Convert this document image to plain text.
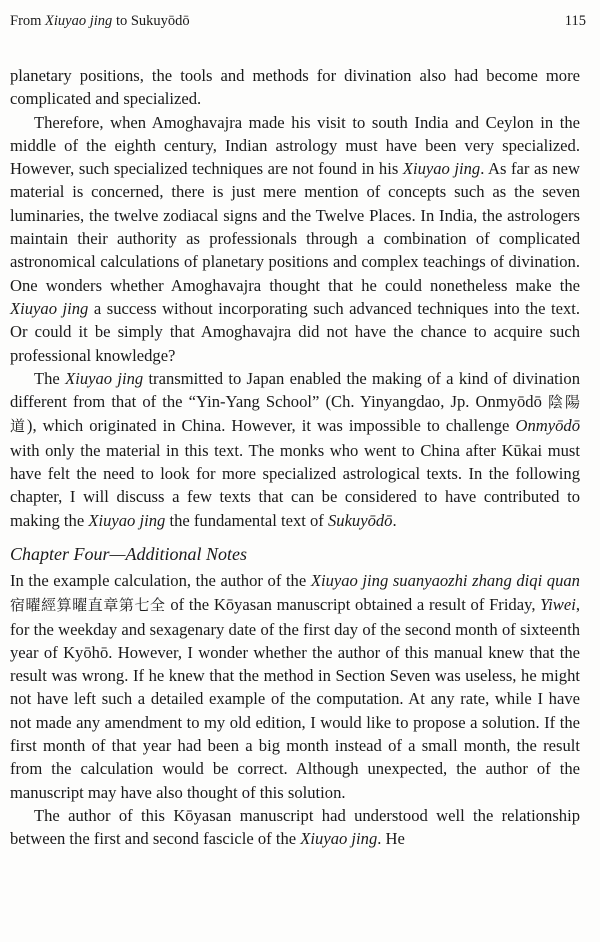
From Xiuyao jing to Sukuyōdō	115

planetary positions, the tools and methods for divination also had become more complicated and specialized.

Therefore, when Amoghavajra made his visit to south India and Ceylon in the middle of the eighth century, Indian astrology must have been very specialized. However, such specialized techniques are not found in his Xiuyao jing. As far as new material is concerned, there is just mere mention of concepts such as the seven luminaries, the twelve zodiacal signs and the Twelve Places. In India, the astrologers maintain their authority as professionals through a combination of complicated astronomical calculations of planetary positions and complex teachings of divination. One wonders whether Amoghavajra thought that he could nonetheless make the Xiuyao jing a success without incorporating such advanced techniques into the text. Or could it be simply that Amoghavajra did not have the chance to acquire such professional knowledge?

The Xiuyao jing transmitted to Japan enabled the making of a kind of divination different from that of the “Yin-Yang School” (Ch. Yinyangdao, Jp. Onmyōdō 陰陽道), which originated in China. However, it was impossible to challenge Onmyōdō with only the material in this text. The monks who went to China after Kūkai must have felt the need to look for more specialized astrological texts. In the following chapter, I will discuss a few texts that can be considered to have contributed to making the Xiuyao jing the fundamental text of Sukuyōdō.

Chapter Four—Additional Notes

In the example calculation, the author of the Xiuyao jing suanyaozhi zhang diqi quan 宿曜經算曜直章第七全 of the Kōyasan manuscript obtained a result of Friday, Yiwei, for the weekday and sexagenary date of the first day of the second month of sixteenth year of Kyōhō. However, I wonder whether the author of this manual knew that the result was wrong. If he knew that the method in Section Seven was useless, he might not have left such a detailed example of the computation. At any rate, while I have not made any amendment to my old edition, I would like to propose a solution. If the first month of that year had been a big month instead of a small month, the result from the calculation would be correct. Although unexpected, the author of the manuscript may have also thought of this solution.

The author of this Kōyasan manuscript had understood well the relationship between the first and second fascicle of the Xiuyao jing. He
